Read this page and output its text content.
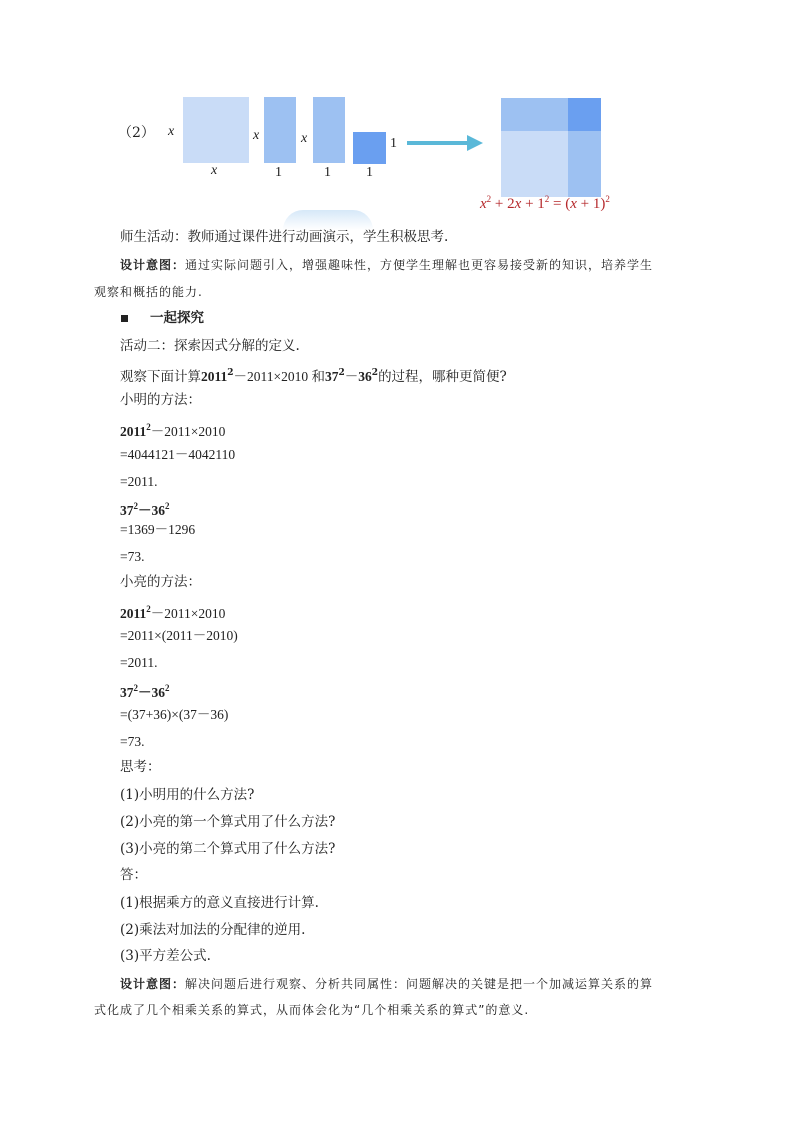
（2） x
x
x
1
x
1
1
1
$x^2 + 2x + 1^2 = (x + 1)^2$
师生活动：教师通过课件进行动画演示，学生积极思考.
设计意图：通过实际问题引入，增强趣味性，方便学生理解也更容易接受新的知识，培养学生
观察和概括的能力.
一起探究
活动二：探索因式分解的定义.
观察下面计算$2011^2-2011\times 2010$ 和$37^2-36^2$的过程，哪种更简便?
小明的方法：
$2011^2-2011\times 2010$
=4044121－4042110
=2011.
$37^2-36^2$
=1369－1296
=73.
小亮的方法：
$2011^2-2011\times 2010$
=2011×(2011－2010)
=2011.
$37^2-36^2$
=(37+36)×(37－36)
=73.
思考：
(1)小明用的什么方法?
(2)小亮的第一个算式用了什么方法?
(3)小亮的第二个算式用了什么方法?
答：
(1)根据乘方的意义直接进行计算.
(2)乘法对加法的分配律的逆用.
(3)平方差公式.
设计意图：解决问题后进行观察、分析共同属性：问题解决的关键是把一个加减运算关系的算
式化成了几个相乘关系的算式，从而体会化为“几个相乘关系的算式”的意义.
